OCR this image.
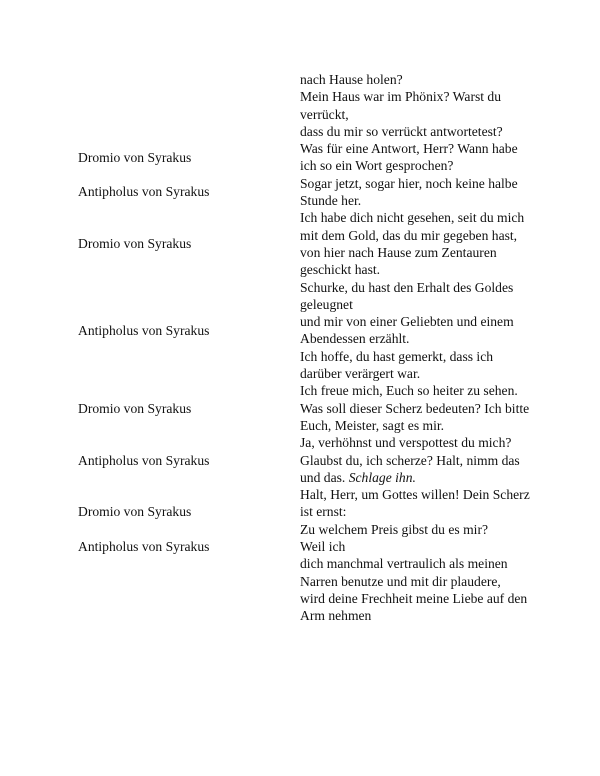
nach Hause holen?
Mein Haus war im Phönix? Warst du verrückt,
dass du mir so verrückt antwortetest?
Dromio von Syrakus
Was für eine Antwort, Herr? Wann habe ich so ein Wort gesprochen?
Antipholus von Syrakus
Sogar jetzt, sogar hier, noch keine halbe Stunde her.
Dromio von Syrakus
Ich habe dich nicht gesehen, seit du mich
mit dem Gold, das du mir gegeben hast, von hier nach Hause zum Zentauren geschickt hast.
Antipholus von Syrakus
Schurke, du hast den Erhalt des Goldes geleugnet
und mir von einer Geliebten und einem Abendessen erzählt.
Ich hoffe, du hast gemerkt, dass ich darüber verärgert war.
Dromio von Syrakus
Ich freue mich, Euch so heiter zu sehen.
Was soll dieser Scherz bedeuten? Ich bitte Euch, Meister, sagt es mir.
Antipholus von Syrakus
Ja, verhöhnst und verspottest du mich?
Glaubst du, ich scherze? Halt, nimm das und das. Schlage ihn.
Dromio von Syrakus
Halt, Herr, um Gottes willen! Dein Scherz ist ernst:
Zu welchem Preis gibst du es mir?
Antipholus von Syrakus	Weil ich
dich manchmal vertraulich als meinen Narren benutze und mit dir plaudere,
wird deine Frechheit meine Liebe auf den Arm nehmen
